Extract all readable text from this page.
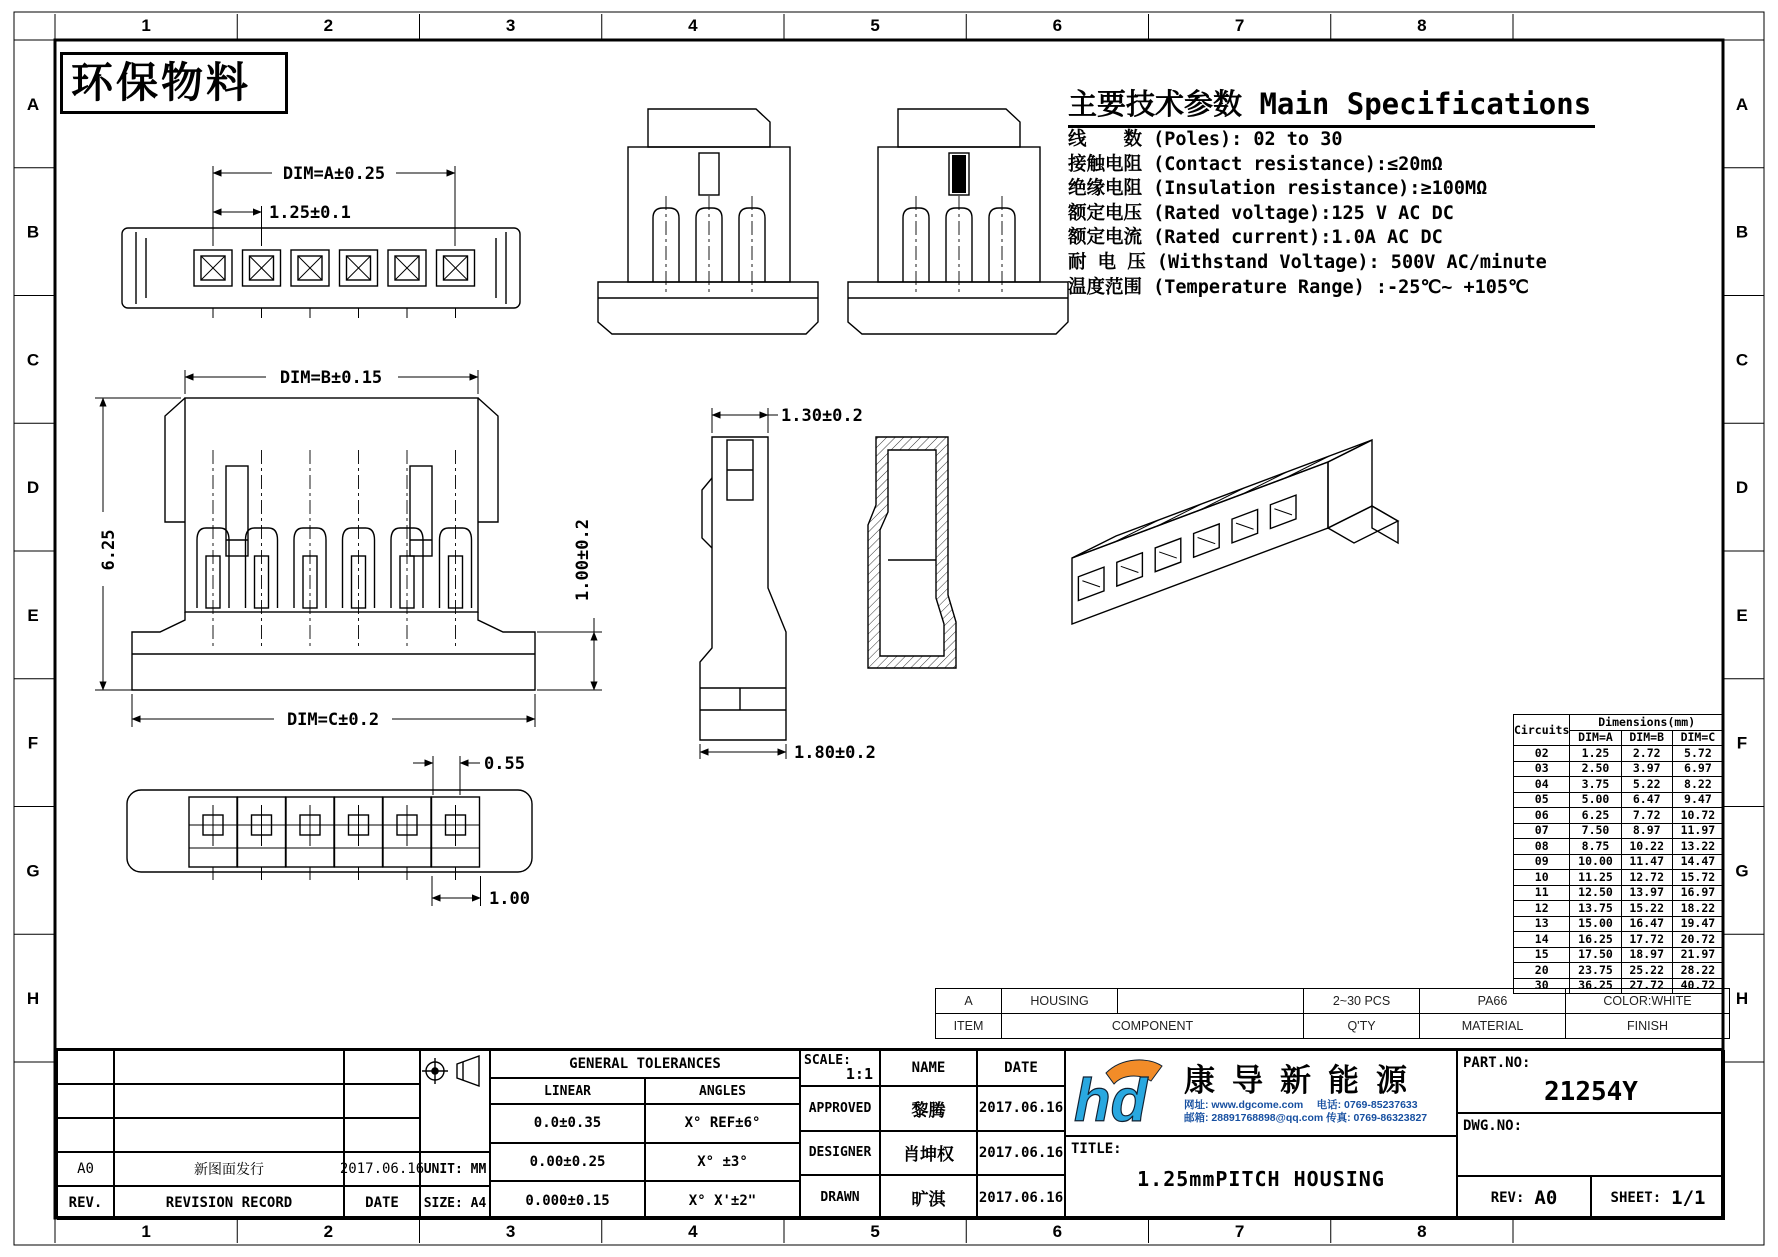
1
1
2
2
3
3
4
4
5
5
6
6
7
7
8
8
A	A
B	B
C	C
D	D
E	E
F	F
G	G
H	H
DIM=A±0.25
1.25±0.1
DIM=B±0.15
6.25	1.00±0.2
DIM=C±0.2
1.30±0.2
1.80±0.2
0.55
1.00
环保物料	主要技术参数 Main Specifications
线　　数 (Poles): 02 to 30
接触电阻 (Contact resistance):≤20mΩ
绝缘电阻 (Insulation resistance):≥100MΩ
额定电压 (Rated voltage):125 V AC DC
额定电流 (Rated current):1.0A AC DC
耐 电 压 (Withstand Voltage): 500V AC/minute
温度范围 (Temperature Range) :-25℃~ +105℃
Circuits	Dimensions(mm)		
	DIM=A	DIM=B	DIM=C
02	1.25	2.72	5.72
03	2.50	3.97	6.97
04	3.75	5.22	8.22
05	5.00	6.47	9.47
06	6.25	7.72	10.72
07	7.50	8.97	11.97
08	8.75	10.22	13.22
09	10.00	11.47	14.47
10	11.25	12.72	15.72
11	12.50	13.97	16.97
12	13.75	15.22	18.22
13	15.00	16.47	19.47
14	16.25	17.72	20.72
15	17.50	18.97	21.97
20	23.75	25.22	28.22
30	36.25	27.72	40.72
A	HOUSING		2~30 PCS	PA66	COLOR:WHITE
ITEM	COMPONENT		Q'TY	MATERIAL	FINISH
A0	新图面发行	2017.06.16
REV.	REVISION RECORD	DATE
UNIT: MM
SIZE: A4
GENERAL TOLERANCES
LINEAR	ANGLES
0.0±0.35	X° REF±6°
0.00±0.25	X° ±3°
0.000±0.15	X° X'±2"
SCALE:
1:1	NAME	DATE
APPROVED	黎腾	2017.06.16
DESIGNER	肖坤权	2017.06.16
DRAWN	旷淇	2017.06.16
hd 康导新能源
网址: www.dgcome.com　 电话: 0769-85237633
邮箱: 28891768898@qq.com 传真: 0769-86323827
TITLE:
1.25mmPITCH HOUSING
PART.NO:
21254Y
DWG.NO:
REV: A0	SHEET: 1/1
